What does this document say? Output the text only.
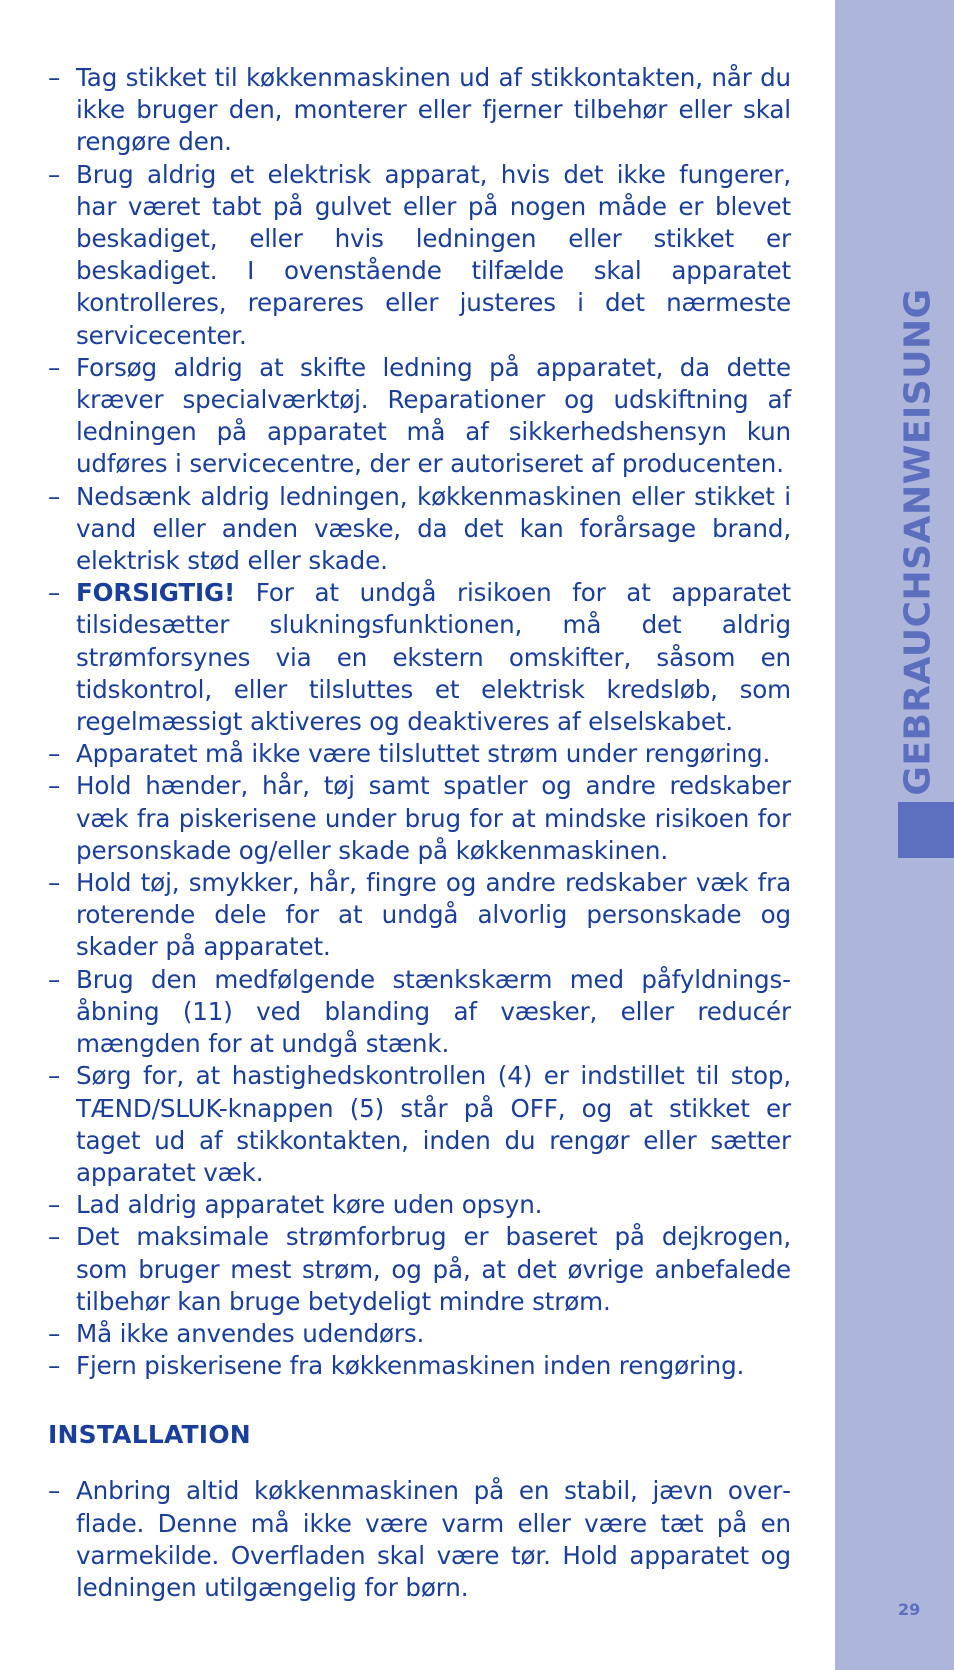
GEBRAUCHSANWEISUNG
29
– Tag stikket til køkkenmaskinen ud af stikkontakten, når du ikke bruger den, monterer eller fjerner tilbehør eller skal rengøre den.
– Brug aldrig et elektrisk apparat, hvis det ikke fungerer, har været tabt på gulvet eller på nogen måde er blevet beskadiget, eller hvis ledningen eller stikket er beskadiget. I ovenstående tilfælde skal apparatet kontrolleres, repareres eller justeres i det nærmeste servicecenter.
– Forsøg aldrig at skifte ledning på apparatet, da dette kræver specialværktøj. Reparationer og udskiftning af ledningen på apparatet må af sikkerhedshensyn kun udføres i servicecentre, der er autoriseret af producenten.
– Nedsænk aldrig ledningen, køkkenmaskinen eller stikket i vand eller anden væske, da det kan forårsage brand, elektrisk stød eller skade.
– FORSIGTIG! For at undgå risikoen for at apparatet tilsidesætter slukningsfunktionen, må det aldrig strømforsynes via en ekstern omskifter, såsom en tidskontrol, eller tilsluttes et elektrisk kredsløb, som regelmæssigt aktiveres og deaktiveres af elselskabet.
– Apparatet må ikke være tilsluttet strøm under rengøring.
– Hold hænder, hår, tøj samt spatler og andre redskaber væk fra piskerisene under brug for at mindske risikoen for personskade og/eller skade på køkkenmaskinen.
– Hold tøj, smykker, hår, fingre og andre redskaber væk fra roterende dele for at undgå alvorlig personskade og skader på apparatet.
– Brug den medfølgende stænkskærm med påfyldningsåbning (11) ved blanding af væsker, eller reducér mængden for at undgå stænk.
– Sørg for, at hastighedskontrollen (4) er indstillet til stop, TÆND/SLUK-knappen (5) står på OFF, og at stikket er taget ud af stikkontakten, inden du rengør eller sætter apparatet væk.
– Lad aldrig apparatet køre uden opsyn.
– Det maksimale strømforbrug er baseret på dejkrogen, som bruger mest strøm, og på, at det øvrige anbefalede tilbehør kan bruge betydeligt mindre strøm.
– Må ikke anvendes udendørs.
– Fjern piskerisene fra køkkenmaskinen inden rengøring.
INSTALLATION
– Anbring altid køkkenmaskinen på en stabil, jævn overflade. Denne må ikke være varm eller være tæt på en varmekilde. Overfladen skal være tør. Hold apparatet og ledningen utilgængelig for børn.
